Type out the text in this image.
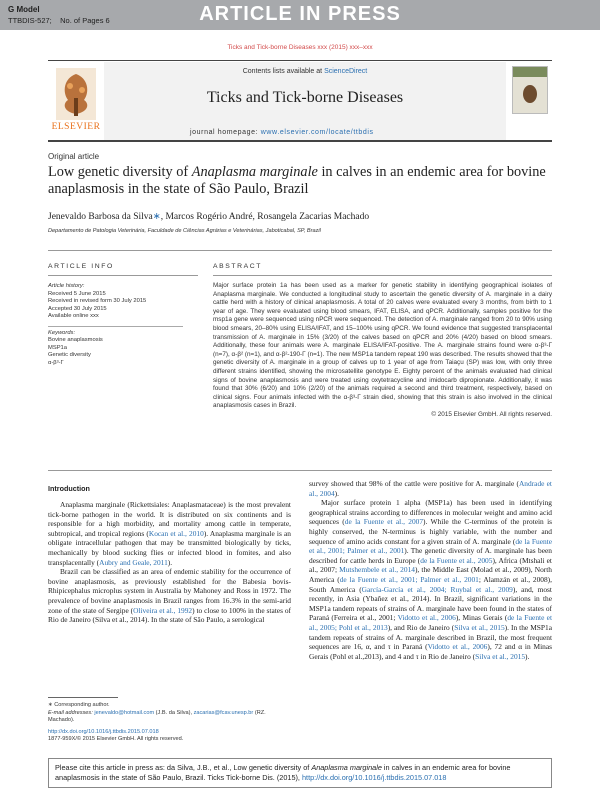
G Model
TTBDIS-527; No. of Pages 6	ARTICLE IN PRESS
Ticks and Tick-borne Diseases xxx (2015) xxx–xxx
ELSEVIER
Contents lists available at ScienceDirect
Ticks and Tick-borne Diseases
journal homepage: www.elsevier.com/locate/ttbdis
Original article
Low genetic diversity of Anaplasma marginale in calves in an endemic area for bovine anaplasmosis in the state of São Paulo, Brazil
Jenevaldo Barbosa da Silva∗, Marcos Rogério André, Rosangela Zacarias Machado
Departamento de Patologia Veterinária, Faculdade de Ciências Agrárias e Veterinárias, Jaboticabal, SP, Brazil
ARTICLE INFO
Article history:
Received 5 June 2015
Received in revised form 30 July 2015
Accepted 30 July 2015
Available online xxx
Keywords:
Bovine anaplasmosis
MSP1a
Genetic diversity
α-β³-Γ
ABSTRACT
Major surface protein 1a has been used as a marker for genetic stability in identifying geographical isolates of Anaplasma marginale. We conducted a longitudinal study to ascertain the genetic diversity of A. marginale in a dairy cattle herd with a history of clinical anaplasmosis. A total of 20 calves were evaluated every 3 months, from birth to 1 year of age. They were evaluated using blood smears, IFAT, ELISA, and qPCR. Additionally, samples positive for the msp1a gene were sequenced using nPCR were sequenced. The detection of A. marginale ranged from 20 to 90% using blood smears, 20–80% using ELISA/IFAT, and 15–100% using qPCR. We found evidence that suggested transplacental transmission of A. marginale in 15% (3/20) of the calves based on qPCR and 20% (4/20) based on blood smears. Additionally, these four animals were A. marginale ELISA/IFAT-positive. The A. marginale strains found were α-β³-Γ (n=7), α-β² (n=1), and α-β²-190-Γ (n=1). The new MSP1a tandem repeat 190 was described. The results showed that the genetic diversity of A. marginale in a group of calves up to 1 year of age from Taiaçu (SP) was low, with only three different strains identified, showing the microsatellite genotype E. Eighty percent of the animals evaluated had clinical signs of bovine anaplasmosis and were treated using oxytetracycline and imidocarb dipropionate. Additionally, it was found that 30% (6/20) and 10% (2/20) of the animals required a second and third treatment, respectively, based on clinical signs. Four animals infected with the α-β³-Γ strain died, showing that this strain is also involved in the clinical anaplasmosis cases in Brazil.
© 2015 Elsevier GmbH. All rights reserved.
Introduction

Anaplasma marginale (Rickettsiales: Anaplasmataceae) is the most prevalent tick-borne pathogen in the world. It is distributed on six continents and is responsible for a high morbidity, and mortality among cattle in temperate, subtropical, and tropical regions (Kocan et al., 2010). Anaplasma marginale is an obligate intracellular pathogen that may be transmitted biologically by ticks, mechanically by blood sucking flies or infected blood in fomites, and also transplacentally (Aubry and Geale, 2011).

Brazil can be classified as an area of endemic stability for the occurrence of bovine anaplasmosis, as previously established for the Babesia bovis-Rhipicephalus microplus system in Australia by Mahoney and Ross in 1972. The prevalence of bovine anaplasmosis in Brazil ranges from 16.3% in the semi-arid zone of the state of Sergipe (Oliveira et al., 1992) to close to 100% in the states of Rio de Janeiro (Silva et al., 2014). In the state of São Paulo, a serological

survey showed that 98% of the cattle were positive for A. marginale (Andrade et al., 2004).

Major surface protein 1 alpha (MSP1a) has been used in identifying geographical strains according to differences in molecular weight and amino acid sequences (de la Fuente et al., 2007). While the C-terminus of the protein is highly conserved, the N-terminus is highly variable, with the number and sequence of amino acids constant for a given strain of A. marginale (de la Fuente et al., 2001; Palmer et al., 2001). The genetic diversity of A. marginale has been described for cattle herds in Europe (de la Fuente et al., 2005), Africa (Mtshali et al., 2007; Mutshembele et al., 2014), the Middle East (Molad et al., 2009), North America (de la Fuente et al., 2001; Palmer et al., 2001; Alamzán et al., 2008), South America (García-García et al., 2004; Ruybal et al., 2009), and, most recently, in Asia (Ybañez et al., 2014). In Brazil, significant variations in the MSP1a tandem repeats of strains of A. marginale have been found in the states of Paraná (Ferreira et al., 2001; Vidotto et al., 2006), Minas Gerais (de la Fuente et al., 2005; Pohl et al., 2013), and Rio de Janeiro (Silva et al., 2015). In the MSP1a tandem repeats of strains of A. marginale described in Brazil, the most frequent sequences are 16, α, and τ in Paraná (Vidotto et al., 2006), 72 and α in Minas Gerais (Pohl et al.,2013), and 4 and τ in Rio de Janeiro (Silva et al., 2015).

∗ Corresponding author.
E-mail addresses: jenevaldo@hotmail.com (J.B. da Silva), zacarias@fcav.unesp.br (RZ. Machado).
http://dx.doi.org/10.1016/j.ttbdis.2015.07.018
1877-959X/© 2015 Elsevier GmbH. All rights reserved.
Please cite this article in press as: da Silva, J.B., et al., Low genetic diversity of Anaplasma marginale in calves in an endemic area for bovine anaplasmosis in the state of São Paulo, Brazil. Ticks Tick-borne Dis. (2015), http://dx.doi.org/10.1016/j.ttbdis.2015.07.018
